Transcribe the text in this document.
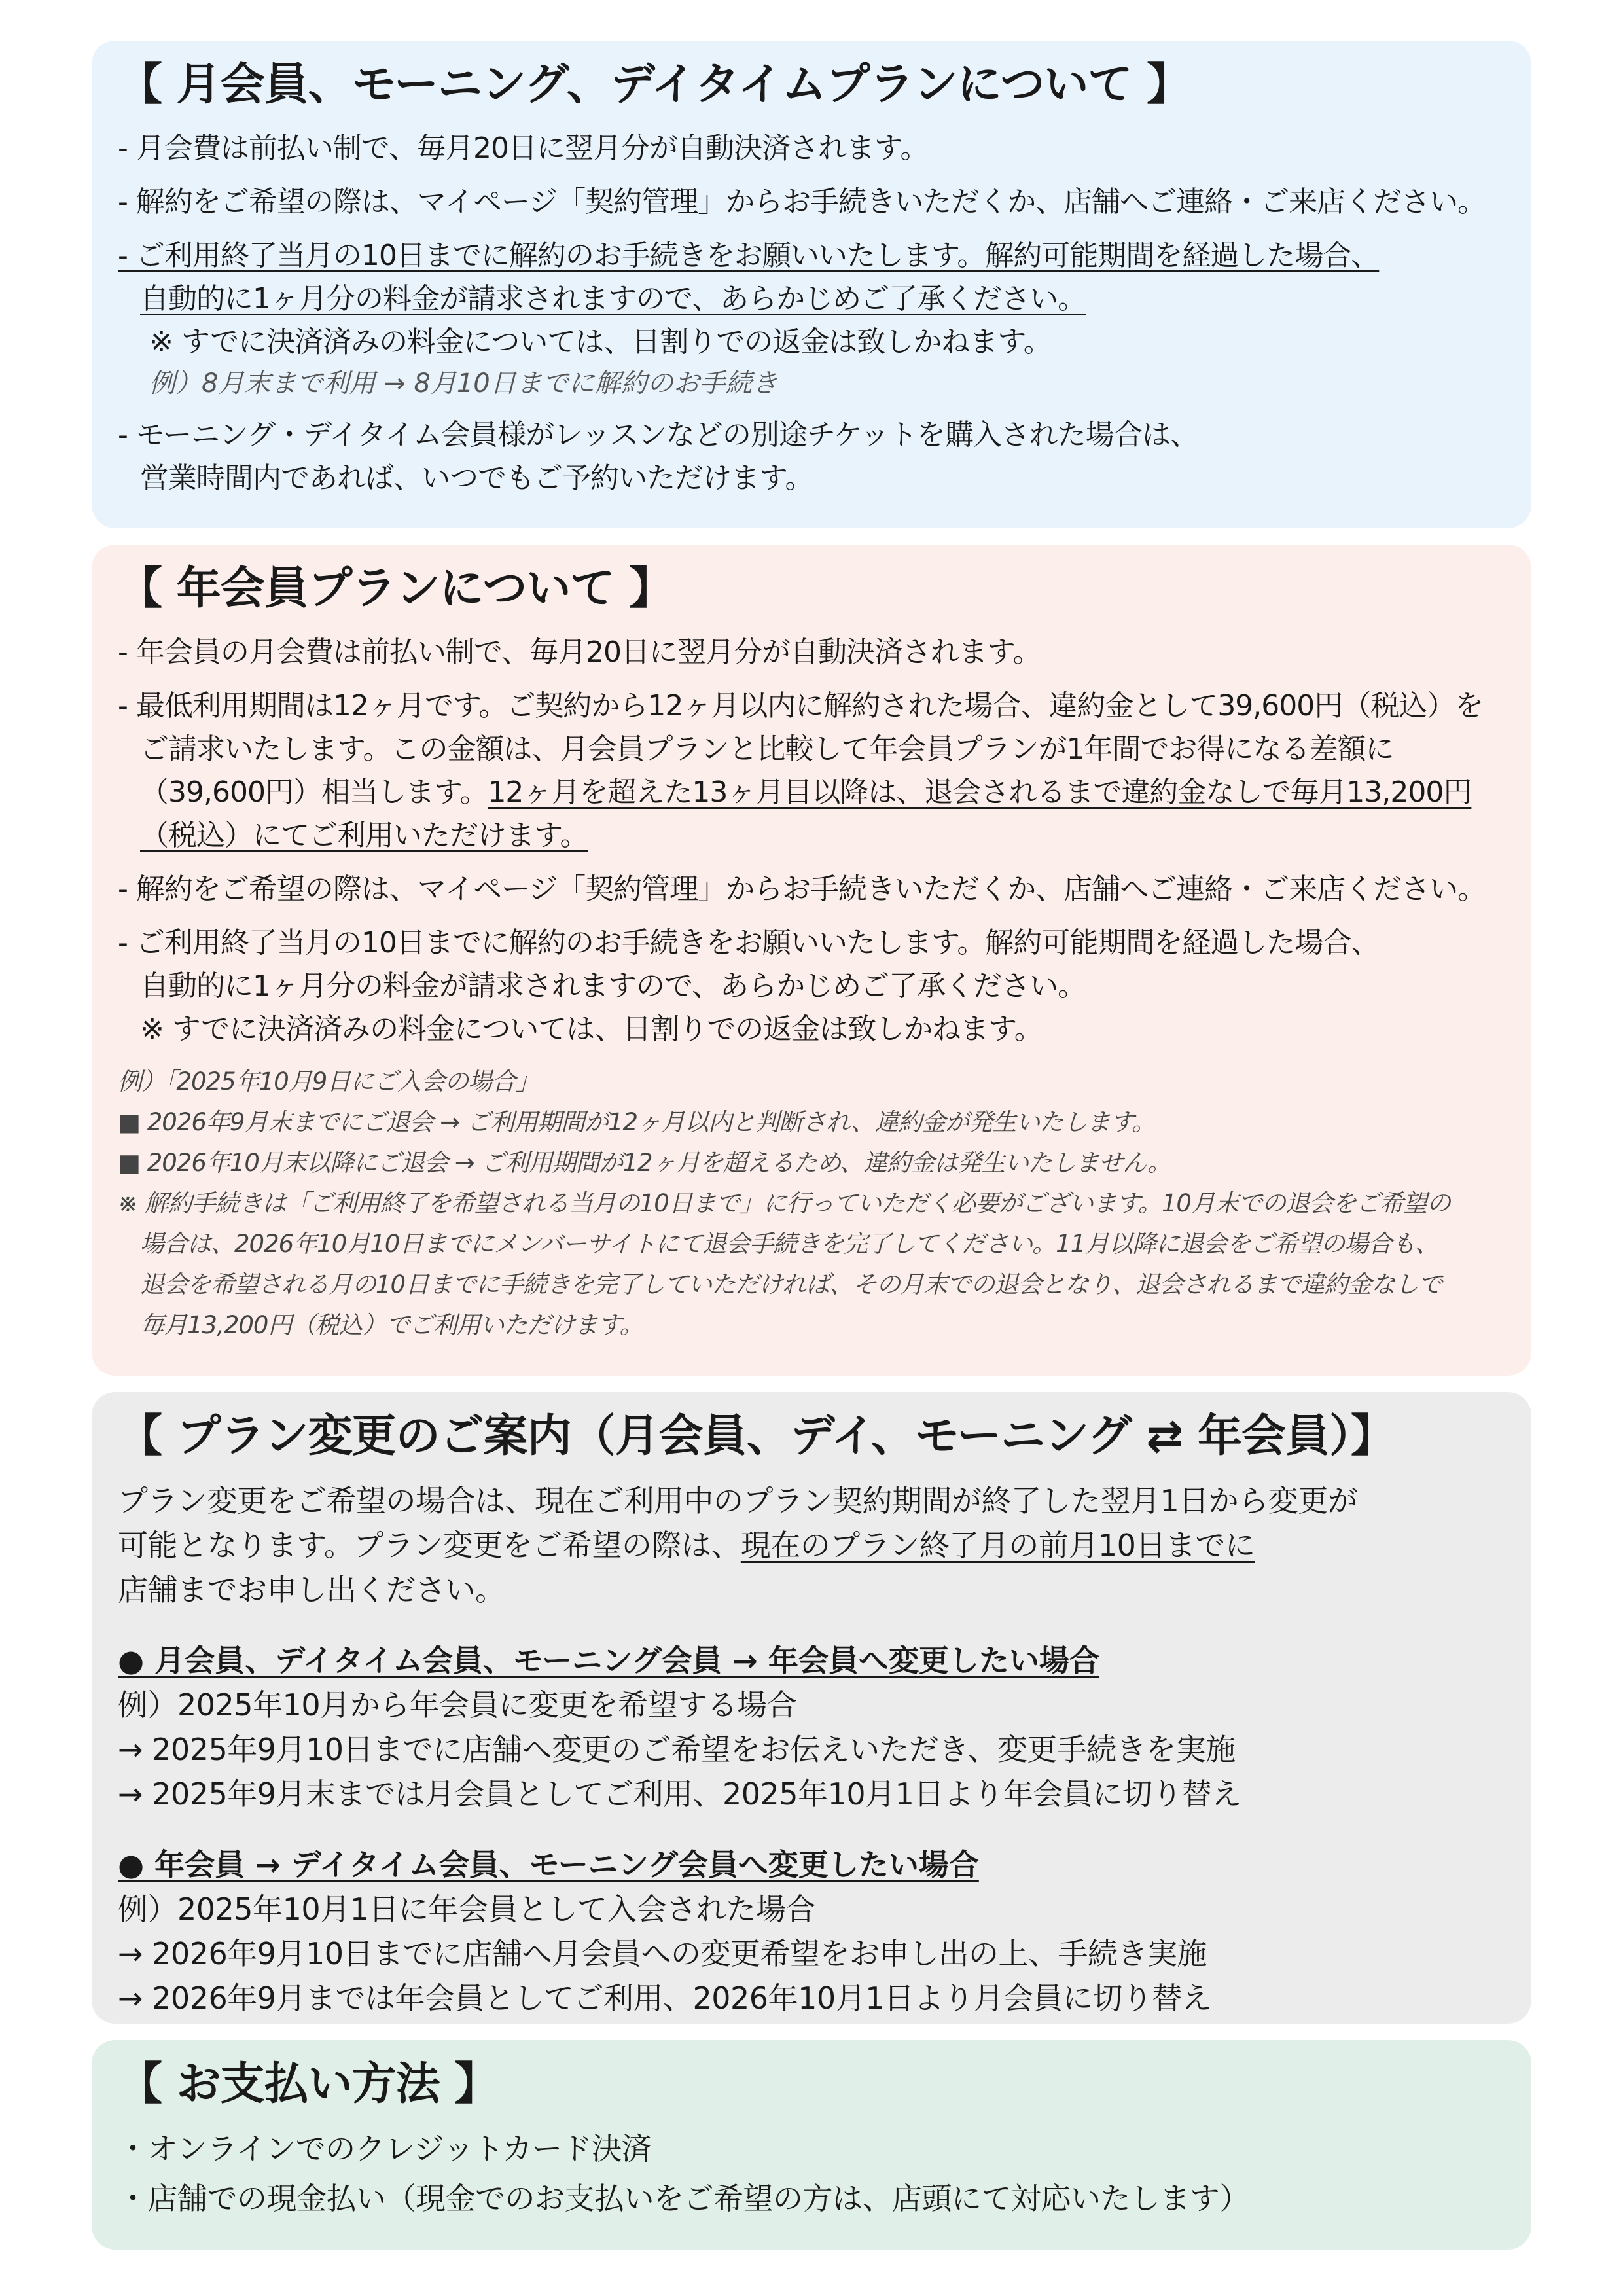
【 月会員、モーニング、デイタイムプランについて 】
- 月会費は前払い制で、毎月20日に翌月分が自動決済されます。
- 解約をご希望の際は、マイページ「契約管理」からお手続きいただくか、店舗へご連絡・ご来店ください。
- ご利用終了当月の10日までに解約のお手続きをお願いいたします。解約可能期間を経過した場合、
自動的に1ヶ月分の料金が請求されますので、あらかじめご了承ください。
※ すでに決済済みの料金については、日割りでの返金は致しかねます。
例）8月末まで利用 → 8月10日までに解約のお手続き
- モーニング・デイタイム会員様がレッスンなどの別途チケットを購入された場合は、
営業時間内であれば、いつでもご予約いただけます。
【 年会員プランについて 】
- 年会員の月会費は前払い制で、毎月20日に翌月分が自動決済されます。
- 最低利用期間は12ヶ月です。ご契約から12ヶ月以内に解約された場合、違約金として39,600円（税込）を
ご請求いたします。この金額は、月会員プランと比較して年会員プランが1年間でお得になる差額に
（39,600円）相当します。12ヶ月を超えた13ヶ月目以降は、退会されるまで違約金なしで毎月13,200円
（税込）にてご利用いただけます。
- 解約をご希望の際は、マイページ「契約管理」からお手続きいただくか、店舗へご連絡・ご来店ください。
- ご利用終了当月の10日までに解約のお手続きをお願いいたします。解約可能期間を経過した場合、
自動的に1ヶ月分の料金が請求されますので、あらかじめご了承ください。
※ すでに決済済みの料金については、日割りでの返金は致しかねます。
例）「2025年10月9日にご入会の場合」
■ 2026年9月末までにご退会 → ご利用期間が12ヶ月以内と判断され、違約金が発生いたします。
■ 2026年10月末以降にご退会 → ご利用期間が12ヶ月を超えるため、違約金は発生いたしません。
※ 解約手続きは「ご利用終了を希望される当月の10日まで」に行っていただく必要がございます。10月末での退会をご希望の
場合は、2026年10月10日までにメンバーサイトにて退会手続きを完了してください。11月以降に退会をご希望の場合も、
退会を希望される月の10日までに手続きを完了していただければ、その月末での退会となり、退会されるまで違約金なしで
毎月13,200円（税込）でご利用いただけます。
【 プラン変更のご案内（月会員、デイ、モーニング ⇄ 年会員）】
プラン変更をご希望の場合は、現在ご利用中のプラン契約期間が終了した翌月1日から変更が
可能となります。プラン変更をご希望の際は、現在のプラン終了月の前月10日までに
店舗までお申し出ください。
● 月会員、デイタイム会員、モーニング会員 → 年会員へ変更したい場合
例）2025年10月から年会員に変更を希望する場合
→ 2025年9月10日までに店舗へ変更のご希望をお伝えいただき、変更手続きを実施
→ 2025年9月末までは月会員としてご利用、2025年10月1日より年会員に切り替え
● 年会員 → デイタイム会員、モーニング会員へ変更したい場合
例）2025年10月1日に年会員として入会された場合
→ 2026年9月10日までに店舗へ月会員への変更希望をお申し出の上、手続き実施
→ 2026年9月までは年会員としてご利用、2026年10月1日より月会員に切り替え
【 お支払い方法 】
・オンラインでのクレジットカード決済
・店舗での現金払い（現金でのお支払いをご希望の方は、店頭にて対応いたします）
